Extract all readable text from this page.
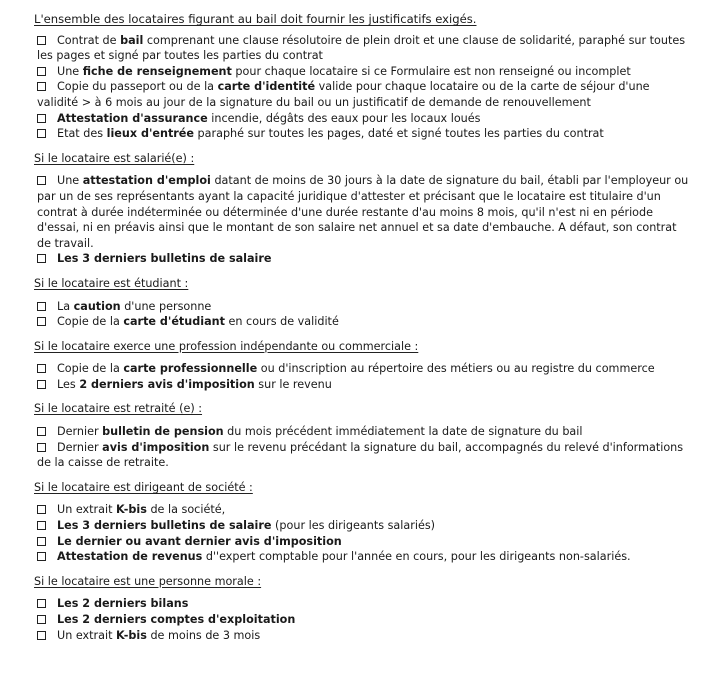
L'ensemble des locataires figurant au bail doit fournir les justificatifs exigés.
Contrat de bail comprenant une clause résolutoire de plein droit et une clause de solidarité, paraphé sur toutes les pages et signé par toutes les parties du contrat
Une fiche de renseignement pour chaque locataire si ce Formulaire est non renseigné ou incomplet
Copie du passeport ou de la carte d'identité valide pour chaque locataire ou de la carte de séjour d'une validité > à 6 mois au jour de la signature du bail ou un justificatif de demande de renouvellement
Attestation d'assurance incendie, dégâts des eaux pour les locaux loués
Etat des lieux d'entrée paraphé sur toutes les pages, daté et signé toutes les parties du contrat
Si le locataire est salarié(e) :
Une attestation d'emploi datant de moins de 30 jours à la date de signature du bail, établi par l'employeur ou par un de ses représentants ayant la capacité juridique d'attester et précisant que le locataire est titulaire d'un contrat à durée indéterminée ou déterminée d'une durée restante d'au moins 8 mois, qu'il n'est ni en période d'essai, ni en préavis ainsi que le montant de son salaire net annuel et sa date d'embauche. A défaut, son contrat de travail.
Les 3 derniers bulletins de salaire
Si le locataire est étudiant :
La caution d'une personne
Copie de la carte d'étudiant en cours de validité
Si le locataire exerce une profession indépendante ou commerciale :
Copie de la carte professionnelle ou d'inscription au répertoire des métiers ou au registre du commerce
Les 2 derniers avis d'imposition sur le revenu
Si le locataire est retraité (e) :
Dernier bulletin de pension du mois précédent immédiatement la date de signature du bail
Dernier avis d'imposition sur le revenu précédant la signature du bail, accompagnés du relevé d'informations de la caisse de retraite.
Si le locataire est dirigeant de société :
Un extrait K-bis de la société,
Les 3 derniers bulletins de salaire (pour les dirigeants salariés)
Le dernier ou avant dernier avis d'imposition
Attestation de revenus d''expert comptable pour l'année en cours, pour les dirigeants non-salariés.
Si le locataire est une personne morale :
Les 2 derniers bilans
Les 2 derniers comptes d'exploitation
Un extrait K-bis de moins de 3 mois
